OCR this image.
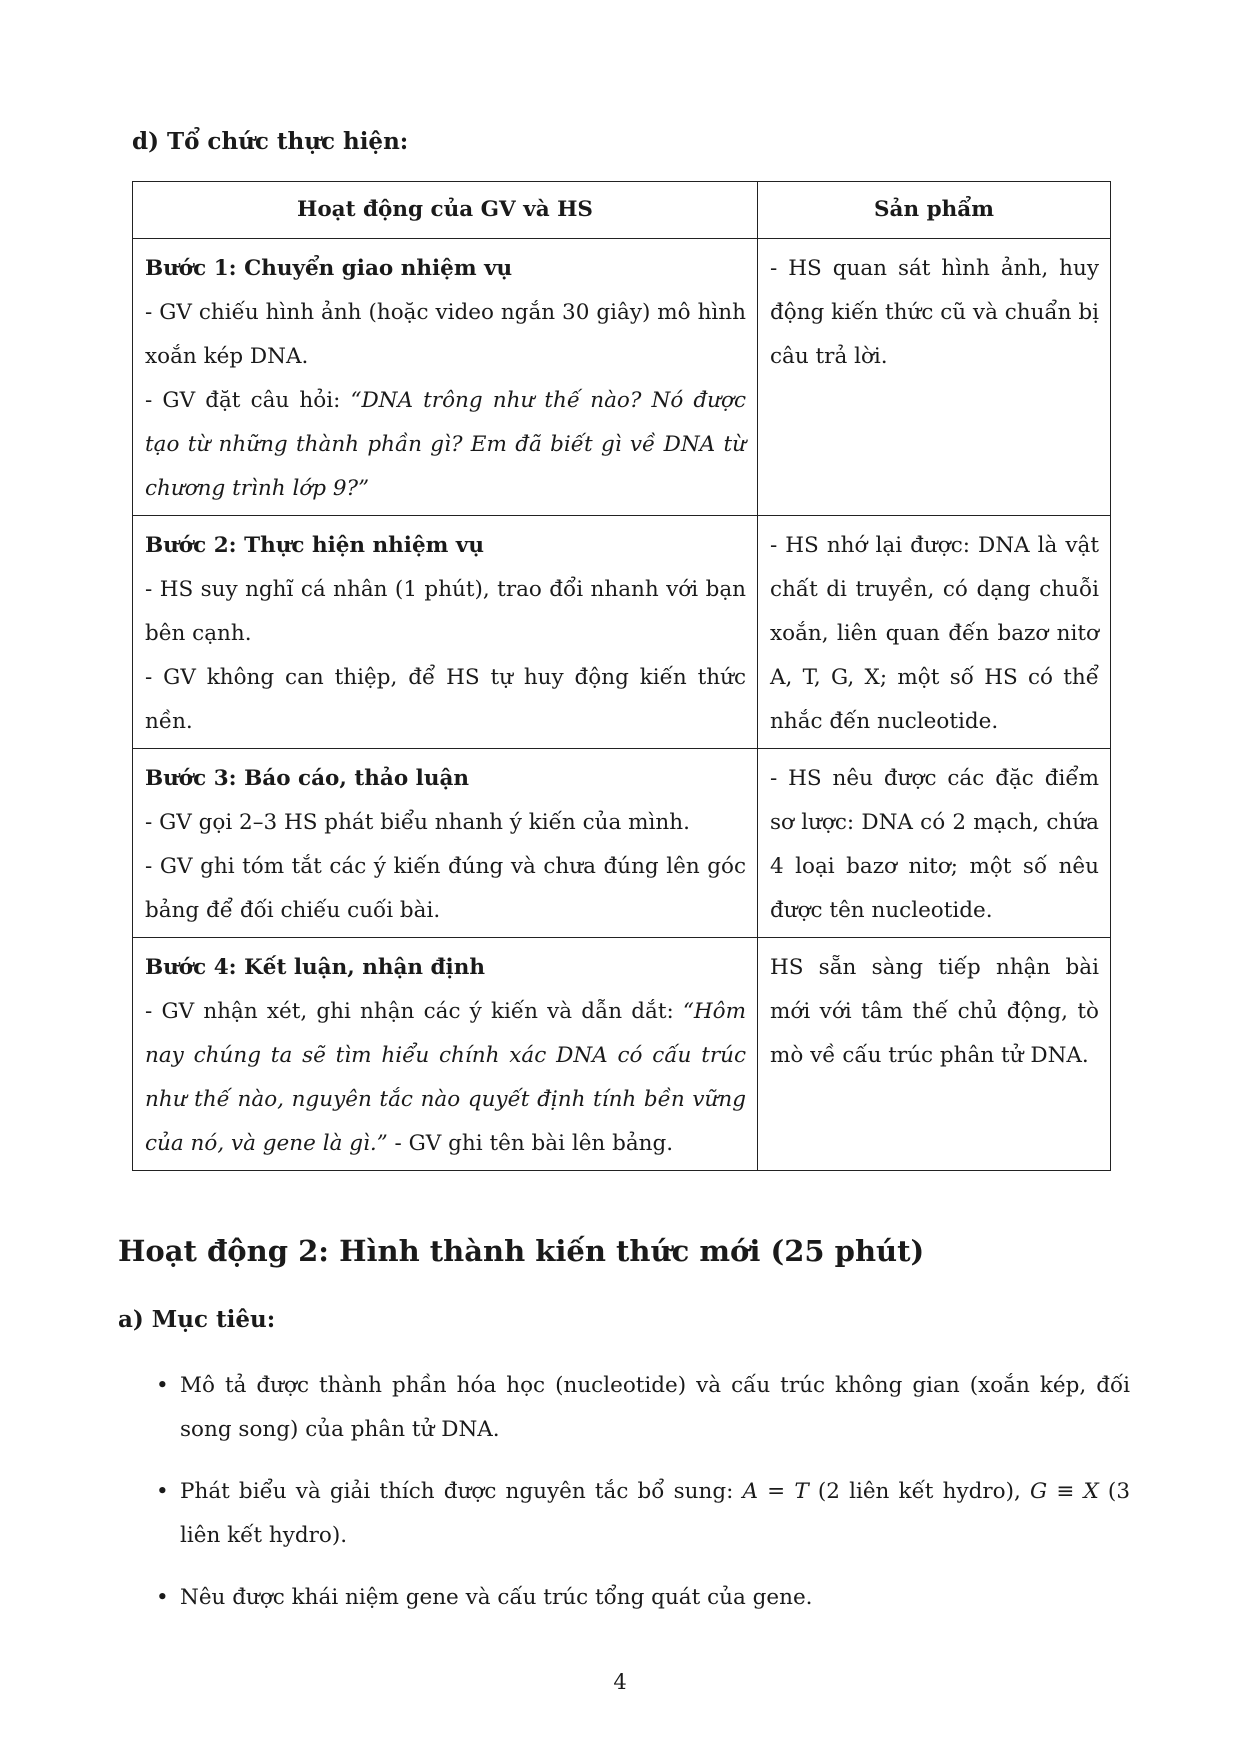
d) Tổ chức thực hiện:

Hoạt động của GV và HS	Sản phẩm

Bước 1: Chuyển giao nhiệm vụ
- GV chiếu hình ảnh (hoặc video ngắn 30 giây) mô hình xoắn kép DNA.
- GV đặt câu hỏi: “DNA trông như thế nào? Nó được tạo từ những thành phần gì? Em đã biết gì về DNA từ chương trình lớp 9?”	- HS quan sát hình ảnh, huy động kiến thức cũ và chuẩn bị câu trả lời.

Bước 2: Thực hiện nhiệm vụ
- HS suy nghĩ cá nhân (1 phút), trao đổi nhanh với bạn bên cạnh.
- GV không can thiệp, để HS tự huy động kiến thức nền.	- HS nhớ lại được: DNA là vật chất di truyền, có dạng chuỗi xoắn, liên quan đến bazơ nitơ A, T, G, X; một số HS có thể nhắc đến nucleotide.

Bước 3: Báo cáo, thảo luận
- GV gọi 2–3 HS phát biểu nhanh ý kiến của mình.
- GV ghi tóm tắt các ý kiến đúng và chưa đúng lên góc bảng để đối chiếu cuối bài.	- HS nêu được các đặc điểm sơ lược: DNA có 2 mạch, chứa 4 loại bazơ nitơ; một số nêu được tên nucleotide.

Bước 4: Kết luận, nhận định
- GV nhận xét, ghi nhận các ý kiến và dẫn dắt: “Hôm nay chúng ta sẽ tìm hiểu chính xác DNA có cấu trúc như thế nào, nguyên tắc nào quyết định tính bền vững của nó, và gene là gì.” - GV ghi tên bài lên bảng.	HS sẵn sàng tiếp nhận bài mới với tâm thế chủ động, tò mò về cấu trúc phân tử DNA.
Hoạt động 2: Hình thành kiến thức mới (25 phút)

a) Mục tiêu:

• Mô tả được thành phần hóa học (nucleotide) và cấu trúc không gian (xoắn kép, đối song song) của phân tử DNA.
• Phát biểu và giải thích được nguyên tắc bổ sung: A = T (2 liên kết hydro), G ≡ X (3 liên kết hydro).
• Nêu được khái niệm gene và cấu trúc tổng quát của gene.
4
